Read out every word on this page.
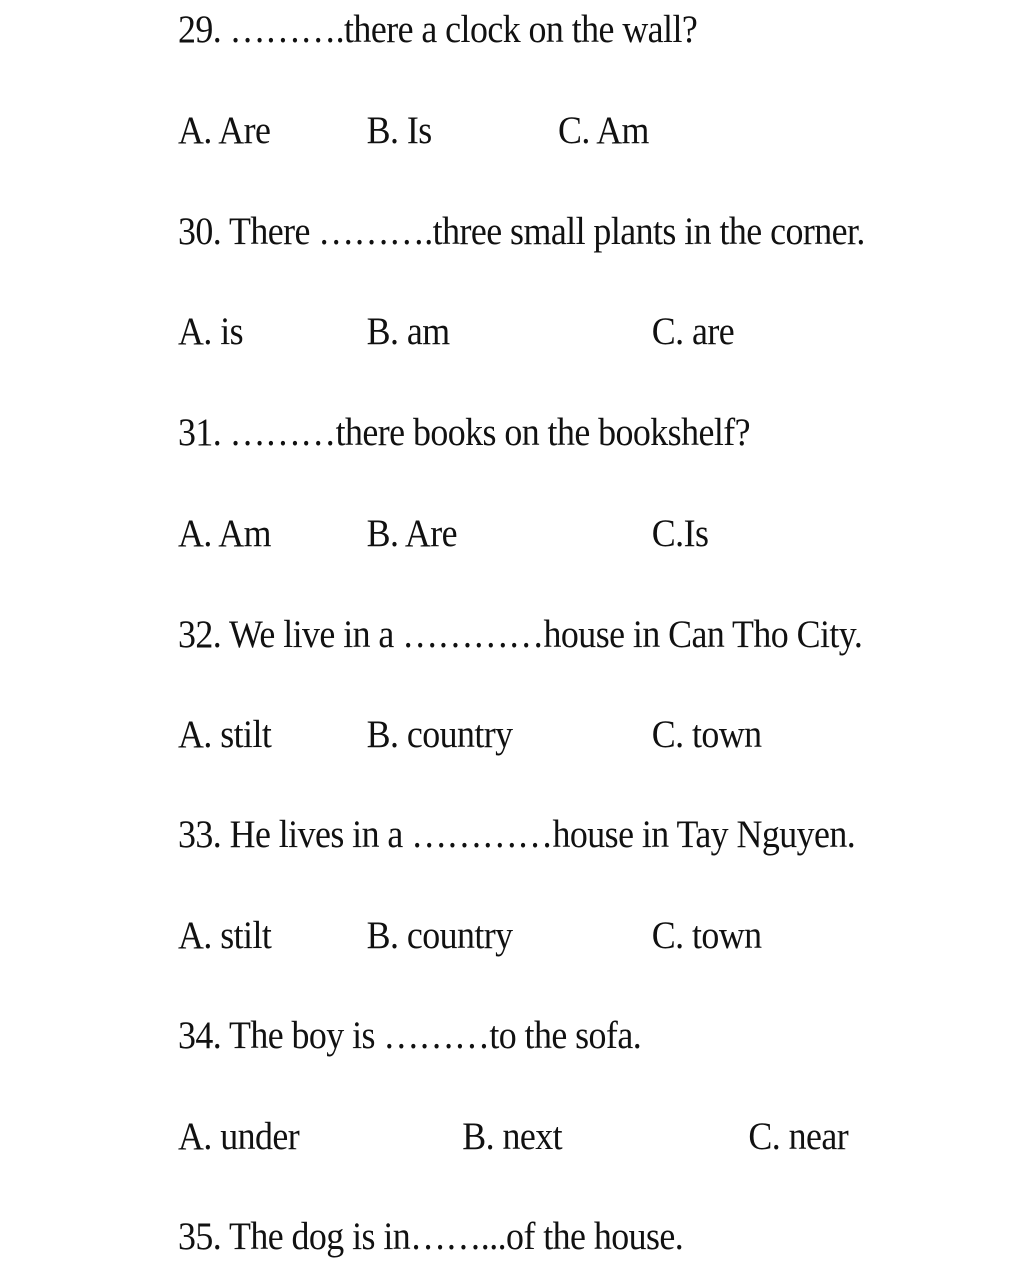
29. ……….there a clock on the wall?
A. Are B. Is	C. Am
30. There ……….three small plants in the corner.
A. is	B. am	C. are
31. ………there books on the bookshelf?
A. Am B. Are	C.Is
32. We live in a …………house in Can Tho City.
A. stilt B. country	C. town
33. He lives in a …………house in Tay Nguyen.
A. stilt B. country	C. town
34. The boy is ………to the sofa.
A. under	B. next	C. near
35. The dog is in……...of the house.
